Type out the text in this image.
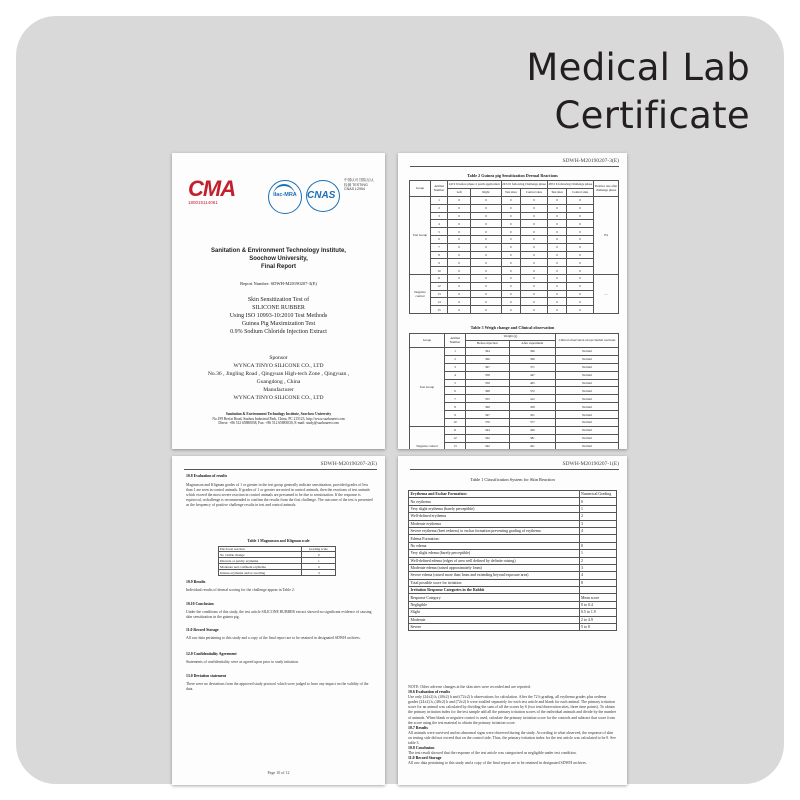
Medical Lab
Certificate
CMA
180015114061
ilac-MRA	CNAS
中国认可 国际互认 检测 TESTING CNAS L2954
Sanitation & Environment Technology Institute,
Soochow University,
Final Report
Report Number: SDWH-M20190207-3(E)
Skin Sensitization Test of
SILICONE RUBBER
Using ISO 10993-10:2010 Test Methods
Guinea Pig Maximization Test
0.9% Sodium Chloride Injection Extract
Sponsor
WYNCA TINYO SILICONE CO., LTD
No.36 , Jingling Road , Qingyuan High-tech Zone , Qingyuan ,
Guangdong , China
Manufacturer
WYNCA TINYO SILICONE CO., LTD
Sanitation & Environment Technology Institute, Soochow University
No.199 Ren'ai Road, Suzhou Industrial Park, China, PC 215123, http://www.suzhoueet.com
Direct: +86 512 65880038, Fax: +86 512 65883030, E-mail: study@suzhoueet.com
SDWH-M20190207-3(E)
Table 2 Guinea pig Sensitization Dermal Reactions
Group	Animal Number	24±2 h before phase 2 patch application		24±2 h following Challenge phase		48±2 h following Challenge phase		Positive rate after challenge phase
		Left	Right	Test sites	Control sites	Test sites	Control sites	
Test Group	1	0	0	0	0	0	0	0%
	2	0	0	0	0	0	0	
	3	0	0	0	0	0	0	
	4	0	0	0	0	0	0	
	5	0	0	0	0	0	0	
	6	0	0	0	0	0	0	
	7	0	0	0	0	0	0	
	8	0	0	0	0	0	0	
	9	0	0	0	0	0	0	
	10	0	0	0	0	0	0	
Negative control	11	0	0	0	0	0	0	—
	12	0	0	0	0	0	0	
	13	0	0	0	0	0	0	
	14	0	0	0	0	0	0	
	15	0	0	0	0	0	0	
Table 3 Weigh change and Clinical observation
Group	Animal Number	Weight (g)		Clinical observation except dermal reactions
		Before injection	After experiment	
Test Group	1	364	366	Normal
	2	366	369	Normal
	3	367	371	Normal
	4	358	447	Normal
	5	359	405	Normal
	6	368	372	Normal
	7	355	412	Normal
	8	369	459	Normal
	9	347	431	Normal
	10	370	377	Normal
Negative control	11	344	456	Normal
	12	322	381	Normal
	13	342	421	Normal

SDWH-M20190207-2(E)
10.8 Evaluation of results
Magnusson and Kligman grades of 1 or greater in the test group generally indicate sensitization, provided grades of less than 1 are seen in control animals. If grades of 1 or greater are noted in control animals, then the reactions of test animals which exceed the most severe reaction in control animals are presumed to be due to sensitization. If the response is equivocal, rechallenge is recommended to confirm the results from the first challenge. The outcome of the test is presented as the frequency of positive challenge results in test and control animals.
Table 1 Magnusson and Kligman scale
Patch test reaction	Grading scale
No visible change	0
Discrete or patchy erythema	1
Moderate and confluent erythema	2
Intense erythema and/or swelling	3
10.9 Results
Individual results of dermal scoring for the challenge appear in Table 2.
10.10 Conclusion
Under the conditions of this study, the test article SILICONE RUBBER extract showed no significant evidence of causing skin sensitization in the guinea pig.
11.0 Record Storage
All raw data pertaining to this study and a copy of the final report are to be retained in designated SDWH archives.
12.0 Confidentiality Agreement
Statements of confidentiality were as agreed upon prior to study initiation.
13.0 Deviation statement
There were no deviations from the approved study protocol which were judged to have any impact on the validity of the data.
Page 10 of 12
SDWH-M20190207-1(E)
Table 1 Classification System for Skin Reaction
Erythema and Eschar Formation:	Numerical Grading
No erythema	0
Very slight erythema (barely perceptible)	1
Well-defined erythema	2
Moderate erythema	3
Severe erythema (beet redness) to eschar formation preventing grading of erythema	4
Edema Formation:	
No edema	0
Very slight edema (barely perceptible)	1
Well-defined edema (edges of area well defined by definite raising)	2
Moderate edema (raised approximately 1mm)	3
Severe edema (raised more than 1mm and extending beyond exposure area)	4
Total possible score for irritation	8
Irritation Response Categories in the Rabbit	
Response Category	Mean score
Negligible	0 to 0.4
Slight	0.5 to 1.9
Moderate	2 to 4.9
Severe	5 to 8
NOTE: Other adverse changes at the skin sites were recorded and are reported.
10.6 Evaluation of results
Use only (24±2) h, (48±2) h and (72±2) h observations for calculation. After the 72 h grading, all erythema grades plus oedema grades (24±2) h, (48±2) h and (72±2) h were totalled separately for each test article and blank for each animal. The primary irritation score for an animal was calculated by dividing the sum of all the scores by 6 (two test/observation sites, three time points). To obtain the primary irritation index for the test sample add all the primary irritation scores of the individual animals and divide by the number of animals. When blank or negative control is used, calculate the primary irritation score for the controls and subtract that score from the score using the test material to obtain the primary irritation score.
10.7 Results
All animals were survived and no abnormal signs were observed during the study. According to what observed, the response of skin on testing side did not exceed that on the control side. Thus, the primary irritation index for the test article was calculated to be 0. See table 3.
10.8 Conclusion
The test result showed that the response of the test article was categorized as negligible under test condition.
11.0 Record Storage
All raw data pertaining to this study and a copy of the final report are to be retained in designated SDWH archives.
